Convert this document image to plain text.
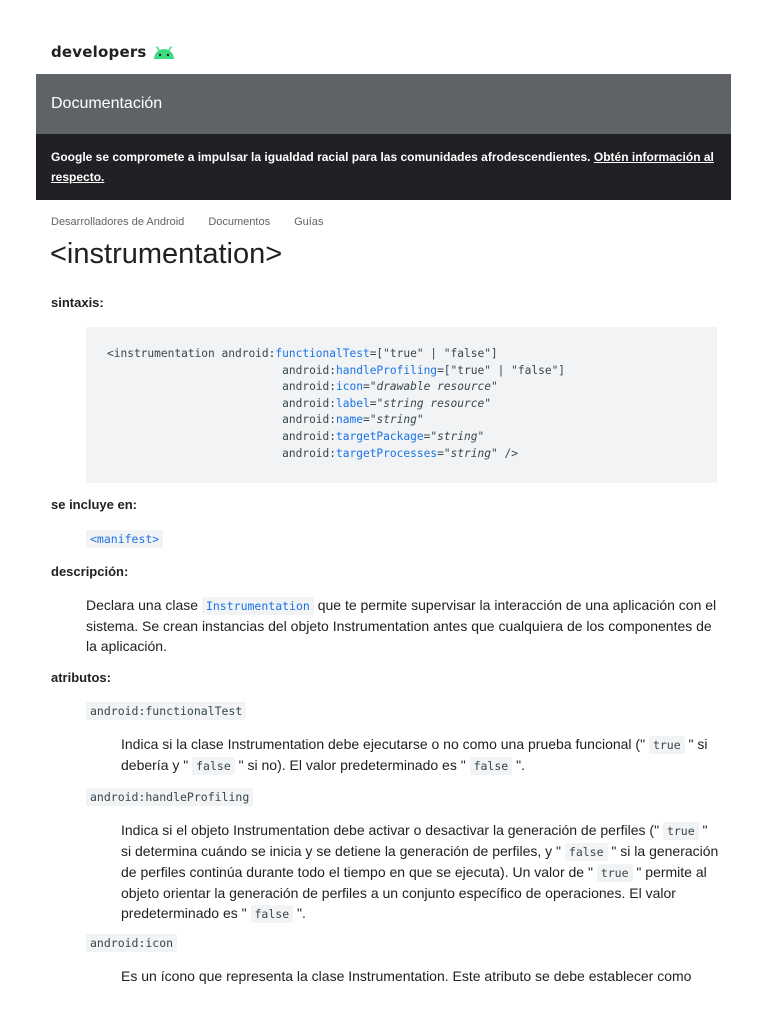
developers
Documentación
Google se compromete a impulsar la igualdad racial para las comunidades afrodescendientes. Obtén información al respecto.
Desarrolladores de Android Documentos Guías
<instrumentation>
sintaxis:
<instrumentation android:functionalTest=["true" | "false"]
android:handleProfiling=["true" | "false"]
android:icon="drawable resource"
android:label="string resource"
android:name="string"
android:targetPackage="string"
android:targetProcesses="string" />
se incluye en:
<manifest>
descripción:
Declara una clase Instrumentation que te permite supervisar la interacción de una aplicación con el sistema. Se crean instancias del objeto Instrumentation antes que cualquiera de los componentes de la aplicación.
atributos:
android:functionalTest
Indica si la clase Instrumentation debe ejecutarse o no como una prueba funcional (" true " si debería y " false " si no). El valor predeterminado es " false ".
android:handleProfiling
Indica si el objeto Instrumentation debe activar o desactivar la generación de perfiles (" true " si determina cuándo se inicia y se detiene la generación de perfiles, y " false " si la generación de perfiles continúa durante todo el tiempo en que se ejecuta). Un valor de " true " permite al objeto orientar la generación de perfiles a un conjunto específico de operaciones. El valor predeterminado es " false ".
android:icon
Es un ícono que representa la clase Instrumentation. Este atributo se debe establecer como
